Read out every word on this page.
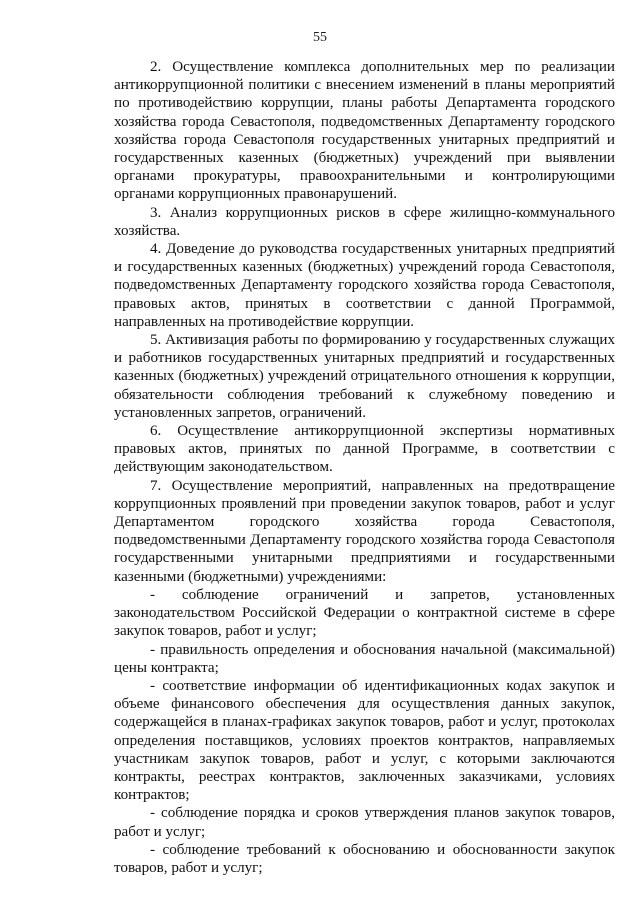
55

2. Осуществление комплекса дополнительных мер по реализации антикоррупционной политики с внесением изменений в планы мероприятий по противодействию коррупции, планы работы Департамента городского хозяйства города Севастополя, подведомственных Департаменту городского хозяйства города Севастополя государственных унитарных предприятий и государственных казенных (бюджетных) учреждений при выявлении органами прокуратуры, правоохранительными и контролирующими органами коррупционных правонарушений.

3. Анализ коррупционных рисков в сфере жилищно-коммунального хозяйства.

4. Доведение до руководства государственных унитарных предприятий и государственных казенных (бюджетных) учреждений города Севастополя, подведомственных Департаменту городского хозяйства города Севастополя, правовых актов, принятых в соответствии с данной Программой, направленных на противодействие коррупции.

5. Активизация работы по формированию у государственных служащих и работников государственных унитарных предприятий и государственных казенных (бюджетных) учреждений отрицательного отношения к коррупции, обязательности соблюдения требований к служебному поведению и установленных запретов, ограничений.

6. Осуществление антикоррупционной экспертизы нормативных правовых актов, принятых по данной Программе, в соответствии с действующим законодательством.

7. Осуществление мероприятий, направленных на предотвращение коррупционных проявлений при проведении закупок товаров, работ и услуг Департаментом городского хозяйства города Севастополя, подведомственными Департаменту городского хозяйства города Севастополя государственными унитарными предприятиями и государственными казенными (бюджетными) учреждениями:

- соблюдение ограничений и запретов, установленных законодательством Российской Федерации о контрактной системе в сфере закупок товаров, работ и услуг;

- правильность определения и обоснования начальной (максимальной) цены контракта;

- соответствие информации об идентификационных кодах закупок и объеме финансового обеспечения для осуществления данных закупок, содержащейся в планах-графиках закупок товаров, работ и услуг, протоколах определения поставщиков, условиях проектов контрактов, направляемых участникам закупок товаров, работ и услуг, с которыми заключаются контракты, реестрах контрактов, заключенных заказчиками, условиях контрактов;

- соблюдение порядка и сроков утверждения планов закупок товаров, работ и услуг;

- соблюдение требований к обоснованию и обоснованности закупок товаров, работ и услуг;
